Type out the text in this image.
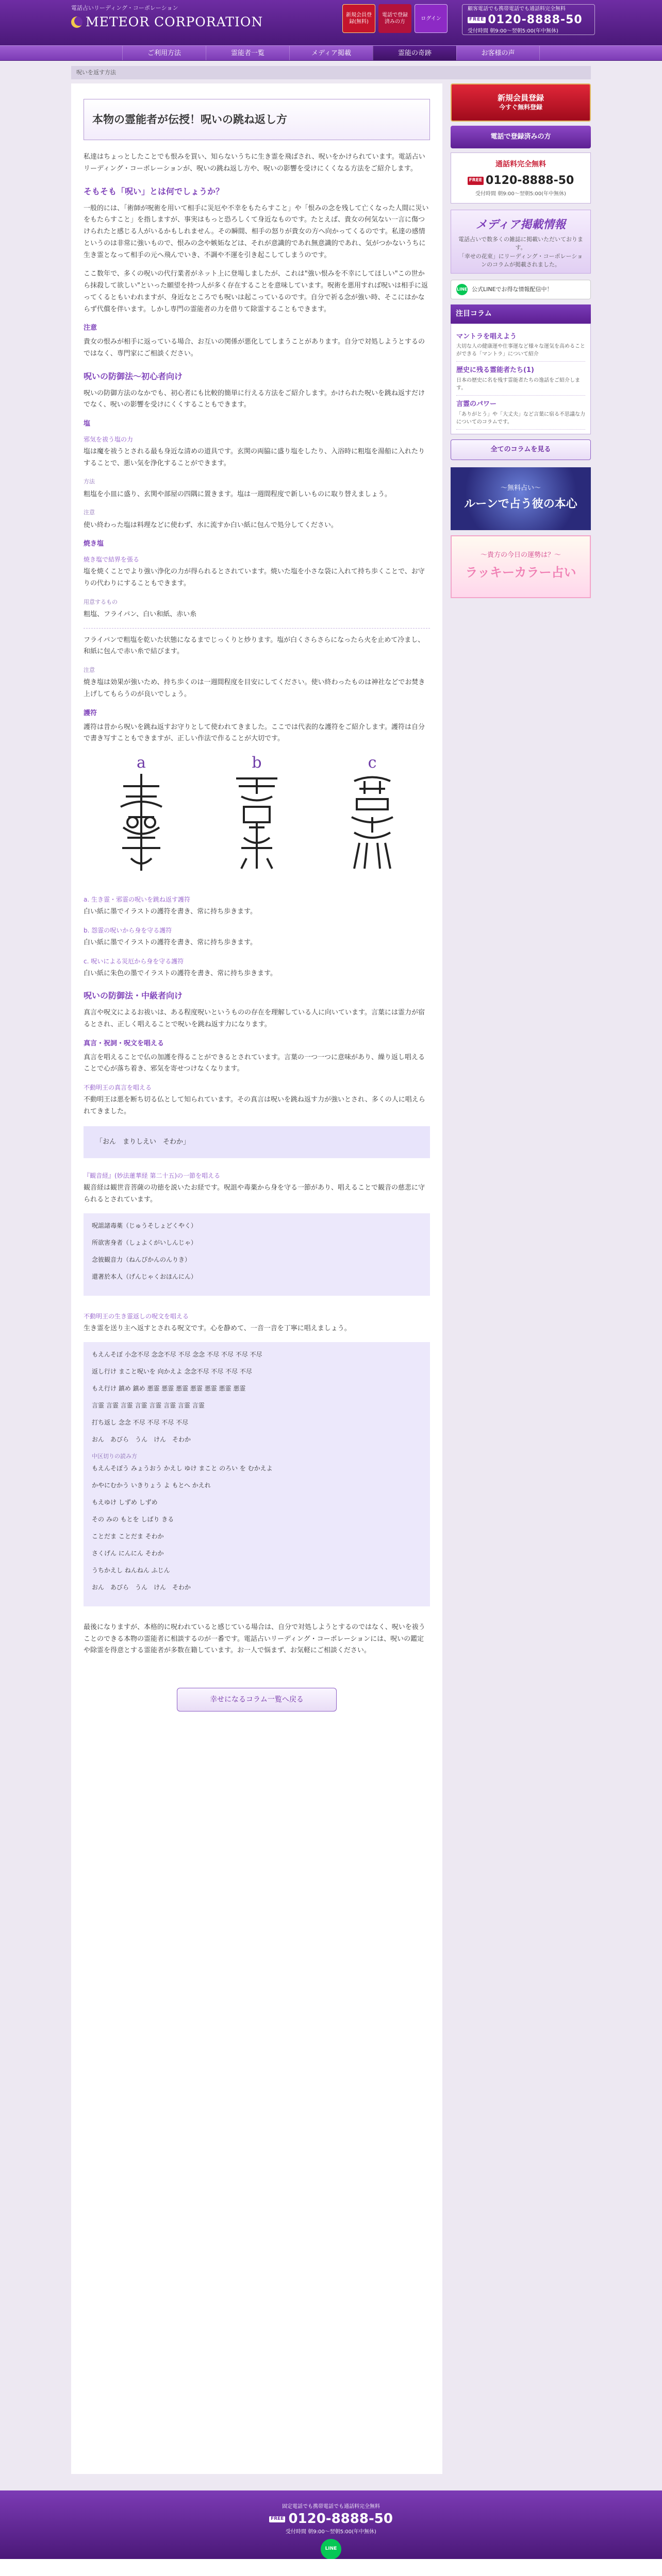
電話占いリーディング・コーポレーション
METEOR CORPORATION	新規会員登録(無料)
電話で登録済みの方
ログイン
顧客電話でも携帯電話でも通話料完全無料
FREE 0120-8888-50
受付時間 朝9:00〜翌朝5:00(年中無休)
ご利用方法	霊能者一覧	メディア掲載	霊能の奇跡	お客様の声
呪いを返す方法
本物の霊能者が伝授！呪いの跳ね返し方

私達はちょっとしたことでも恨みを買い、知らないうちに生き霊を飛ばされ、呪いをかけられています。電話占いリーディング・コーポレーションが、呪いの跳ね返し方や、呪いの影響を受けにくくなる方法をご紹介します。

そもそも「呪い」とは何でしょうか？

一般的には、「術師が呪術を用いて相手に災厄や不幸をもたらすこと」や「恨みの念を残して亡くなった人間に災いをもたらすこと」を指しますが、事実はもっと恐ろしくて身近なものです。たとえば、貴女の何気ない一言に傷つけられたと感じる人がいるかもしれません。その瞬間、相手の怒りが貴女の方へ向かってくるのです。私達の感情というのは非常に強いもので、恨みの念や嫉妬などは、それが意識的であれ無意識的であれ、気がつかないうちに生き霊となって相手の元へ飛んでいき、不調や不運を引き起こしてしまうのです。

ここ数年で、多くの呪いの代行業者がネット上に登場しましたが、これは"強い恨みを不幸にしてほしい"この世から抹殺して欲しい"といった願望を持つ人が多く存在することを意味しています。呪術を悪用すれば呪いは相手に返ってくるともいわれますが、身近なところでも呪いは起こっているのです。自分で祈る念が強い時、そこにはかならず代償を伴います。しかし専門の霊能者の力を借りて除霊することもできます。

注意

貴女の恨みが相手に返っている場合、お互いの関係が悪化してしまうことがあります。自分で対処しようとするのではなく、専門家にご相談ください。

呪いの防御法〜初心者向け

呪いの防御方法のなかでも、初心者にも比較的簡単に行える方法をご紹介します。かけられた呪いを跳ね返すだけでなく、呪いの影響を受けにくくすることもできます。

塩
邪気を祓う塩の力

塩は魔を祓うとされる最も身近な清めの道具です。玄関の両脇に盛り塩をしたり、入浴時に粗塩を湯船に入れたりすることで、悪い気を浄化することができます。

方法

粗塩を小皿に盛り、玄関や部屋の四隅に置きます。塩は一週間程度で新しいものに取り替えましょう。

注意

使い終わった塩は料理などに使わず、水に流すか白い紙に包んで処分してください。

焼き塩
焼き塩で結界を張る

塩を焼くことでより強い浄化の力が得られるとされています。焼いた塩を小さな袋に入れて持ち歩くことで、お守りの代わりにすることもできます。

用意するもの

粗塩、フライパン、白い和紙、赤い糸

フライパンで粗塩を乾いた状態になるまでじっくりと炒ります。塩が白くさらさらになったら火を止めて冷まし、和紙に包んで赤い糸で結びます。

注意

焼き塩は効果が強いため、持ち歩くのは一週間程度を目安にしてください。使い終わったものは神社などでお焚き上げしてもらうのが良いでしょう。

護符

護符は昔から呪いを跳ね返すお守りとして使われてきました。ここでは代表的な護符をご紹介します。護符は自分で書き写すこともできますが、正しい作法で作ることが大切です。

a	b	c
a. 生き霊・邪霊の呪いを跳ね返す護符

白い紙に墨でイラストの護符を書き、常に持ち歩きます。

b. 怨霊の呪いから身を守る護符

白い紙に墨でイラストの護符を書き、常に持ち歩きます。

c. 呪いによる災厄から身を守る護符

白い紙に朱色の墨でイラストの護符を書き、常に持ち歩きます。

呪いの防御法・中級者向け

真言や呪文によるお祓いは、ある程度呪いというものの存在を理解している人に向いています。言葉には霊力が宿るとされ、正しく唱えることで呪いを跳ね返す力になります。

真言・祝詞・呪文を唱える

真言を唱えることで仏の加護を得ることができるとされています。言葉の一つ一つに意味があり、繰り返し唱えることで心が落ち着き、邪気を寄せつけなくなります。

不動明王の真言を唱える

不動明王は悪を断ち切る仏として知られています。その真言は呪いを跳ね返す力が強いとされ、多くの人に唱えられてきました。

「おん　まりしえい　そわか」
『観音経』(妙法蓮華経 第二十五)の一節を唱える

観音経は観世音菩薩の功徳を説いたお経です。呪詛や毒薬から身を守る一節があり、唱えることで観音の慈悲に守られるとされています。

呪詛諸毒薬（じゅうそしょどくやく）

所欲害身者（しょよくがいしんじゃ）

念彼観音力（ねんぴかんのんりき）

還著於本人（げんじゃくおほんにん）

不動明王の生き霊返しの呪文を唱える

生き霊を送り主へ返すとされる呪文です。心を静めて、一音一音を丁寧に唱えましょう。

もえんそぼ 小念不尽 念念不尽 不尽 念念 不尽 不尽 不尽 不尽

返し行け まこと呪いを 向かえよ 念念不尽 不尽 不尽 不尽

もえ行け 鎮め 鎮め 悪霊 悪霊 悪霊 悪霊 悪霊 悪霊 悪霊

言霊 言霊 言霊 言霊 言霊 言霊 言霊 言霊

打ち返し 念念 不尽 不尽 不尽 不尽

おん　あびら　うん　けん　そわか

中区切りの読み方

もえんそぼう みょうおう かえし ゆけ まこと のろい を むかえよ

かやにむかう いきりょう よ もとへ かえれ

もえゆけ しずめ しずめ

その みの もとを しばり きる

ことだま ことだま そわか

さくげん にんにん そわか

うちかえし ねんねん ふじん

おん　あびら　うん　けん　そわか

最後になりますが、本格的に呪われていると感じている場合は、自分で対処しようとするのではなく、呪いを祓うことのできる本物の霊能者に相談するのが一番です。電話占いリーディング・コーポレーションには、呪いの鑑定や除霊を得意とする霊能者が多数在籍しています。お一人で悩まず、お気軽にご相談ください。

幸せになるコラム一覧へ戻る
新規会員登録
今すぐ無料登録
電話で登録済みの方
通話料完全無料
FREE 0120-8888-50
受付時間 朝9:00〜翌朝5:00(年中無休)
メディア掲載情報
電話占いで数多くの雑誌に掲載いただいております。
「幸せの花束」にリーディング・コーポレーションのコラムが掲載されました。
LINE 公式LINEでお得な情報配信中！
注目コラム
マントラを唱えよう
大切な人の健康運や仕事運など様々な運気を高めることができる「マントラ」について紹介
歴史に残る霊能者たち(1)
日本の歴史に名を残す霊能者たちの逸話をご紹介します。
言霊のパワー
「ありがとう」や「大丈夫」など言葉に宿る不思議な力についてのコラムです。
全てのコラムを見る
〜無料占い〜
ルーンで占う彼の本心
〜貴方の今日の運勢は？〜
ラッキーカラー占い
固定電話でも携帯電話でも通話料完全無料
FREE 0120-8888-50
受付時間 朝9:00〜翌朝5:00(年中無休)
LINE
